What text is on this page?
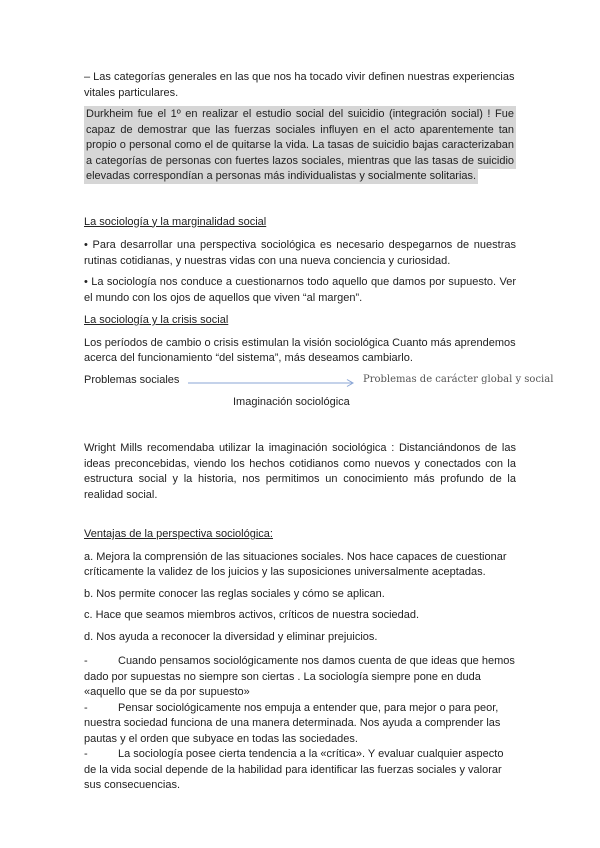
– Las categorías generales en las que nos ha tocado vivir definen nuestras experiencias vitales particulares.

Durkheim fue el 1º en realizar el estudio social del suicidio (integración social) ! Fue capaz de demostrar que las fuerzas sociales influyen en el acto aparentemente tan propio o personal como el de quitarse la vida. La tasas de suicidio bajas caracterizaban a categorías de personas con fuertes lazos sociales, mientras que las tasas de suicidio elevadas correspondían a personas más individualistas y socialmente solitarias.

La sociología y la marginalidad social

• Para desarrollar una perspectiva sociológica es necesario despegarnos de nuestras rutinas cotidianas, y nuestras vidas con una nueva conciencia y curiosidad.

• La sociología nos conduce a cuestionarnos todo aquello que damos por supuesto. Ver el mundo con los ojos de aquellos que viven “al margen”.

La sociología y la crisis social

Los períodos de cambio o crisis estimulan la visión sociológica Cuanto más aprendemos acerca del funcionamiento “del sistema”, más deseamos cambiarlo.

Problemas sociales	Problemas de carácter global y social

Imaginación sociológica

Wright Mills recomendaba utilizar la imaginación sociológica : Distanciándonos de las ideas preconcebidas, viendo los hechos cotidianos como nuevos y conectados con la estructura social y la historia, nos permitimos un conocimiento más profundo de la realidad social.

Ventajas de la perspectiva sociológica:

a. Mejora la comprensión de las situaciones sociales. Nos hace capaces de cuestionar críticamente la validez de los juicios y las suposiciones universalmente aceptadas.

b. Nos permite conocer las reglas sociales y cómo se aplican.

c. Hace que seamos miembros activos, críticos de nuestra sociedad.

d. Nos ayuda a reconocer la diversidad y eliminar prejuicios.

-	Cuando pensamos sociológicamente nos damos cuenta de que ideas que hemos dado por supuestas no siempre son ciertas . La sociología siempre pone en duda «aquello que se da por supuesto»

-	Pensar sociológicamente nos empuja a entender que, para mejor o para peor, nuestra sociedad funciona de una manera determinada. Nos ayuda a comprender las pautas y el orden que subyace en todas las sociedades.

-	La sociología posee cierta tendencia a la «crítica». Y evaluar cualquier aspecto de la vida social depende de la habilidad para identificar las fuerzas sociales y valorar sus consecuencias.
